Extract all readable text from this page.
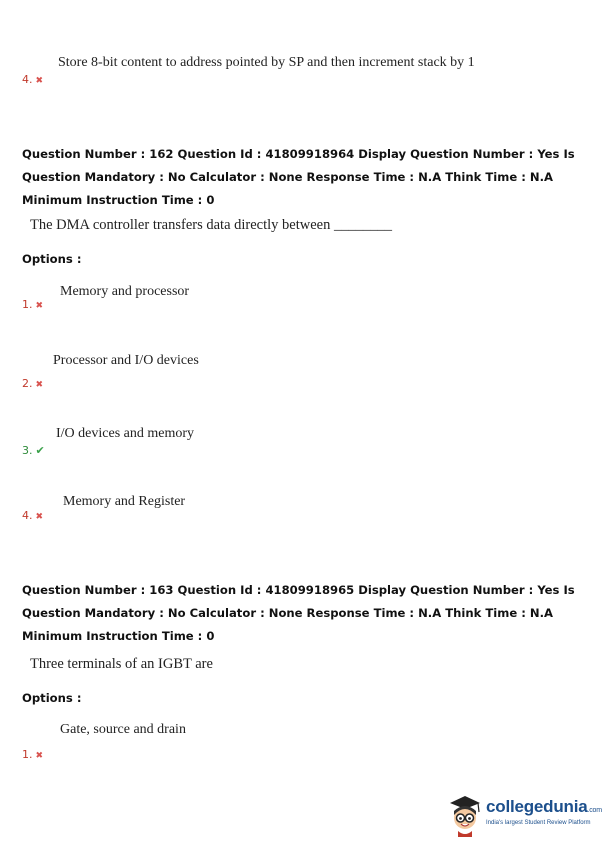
4. ✖
Store 8-bit content to address pointed by SP and then increment stack by 1
Question Number : 162 Question Id : 41809918964 Display Question Number : Yes Is Question Mandatory : No Calculator : None Response Time : N.A Think Time : N.A Minimum Instruction Time : 0
The DMA controller transfers data directly between ________
Options :
1. ✖
Memory and processor
2. ✖
Processor and I/O devices
3. ✔
I/O devices and memory
4. ✖
Memory and Register
Question Number : 163 Question Id : 41809918965 Display Question Number : Yes Is Question Mandatory : No Calculator : None Response Time : N.A Think Time : N.A Minimum Instruction Time : 0
Three terminals of an IGBT are
Options :
1. ✖
Gate, source and drain
collegedunia.com
India's largest Student Review Platform
